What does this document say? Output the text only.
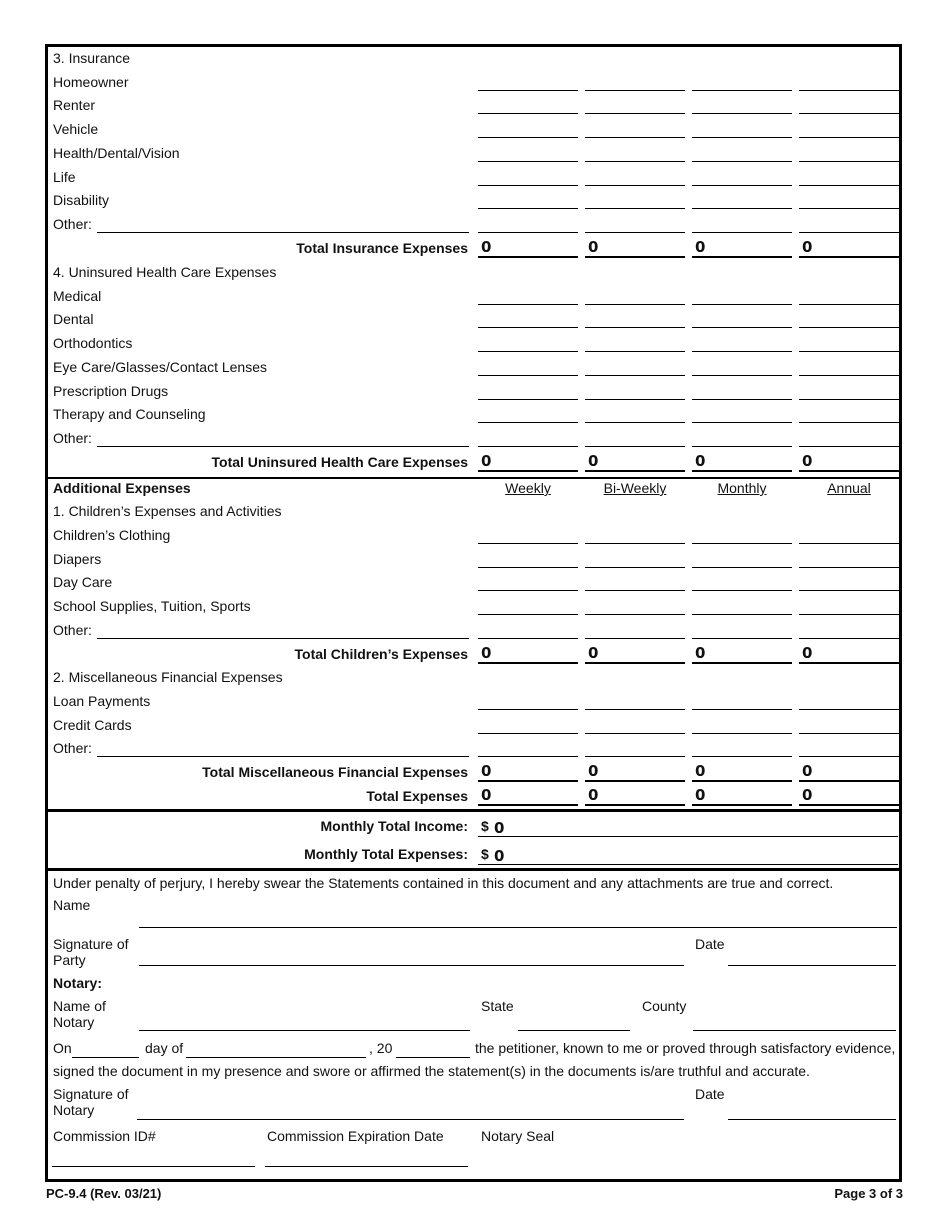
3. Insurance
Homeowner
Renter
Vehicle
Health/Dental/Vision
Life
Disability
Other:
Total Insurance Expenses 0	0	0	0
4. Uninsured Health Care Expenses
Medical
Dental
Orthodontics
Eye Care/Glasses/Contact Lenses
Prescription Drugs
Therapy and Counseling
Other:
Total Uninsured Health Care Expenses 0	0	0	0
Additional Expenses	Weekly	Bi-Weekly	Monthly	Annual
1. Children’s Expenses and Activities
Children’s Clothing
Diapers
Day Care
School Supplies, Tuition, Sports
Other:
Total Children’s Expenses 0	0	0	0
2. Miscellaneous Financial Expenses
Loan Payments
Credit Cards
Other:
Total Miscellaneous Financial Expenses 0	0	0	0
Total Expenses 0	0	0	0
Monthly Total Income: $ 0
Monthly Total Expenses: $ 0
Under penalty of perjury, I hereby swear the Statements contained in this document and any attachments are true and correct.
Name
Signature of
Party
Date
Notary:
Name of
Notary
State	County
On	day of	, 20	the petitioner, known to me or proved through satisfactory evidence,
signed the document in my presence and swore or affirmed the statement(s) in the documents is/are truthful and accurate.
Signature of
Notary
Date
Commission ID#	Commission Expiration Date	Notary Seal
PC-9.4 (Rev. 03/21)	Page 3 of 3
